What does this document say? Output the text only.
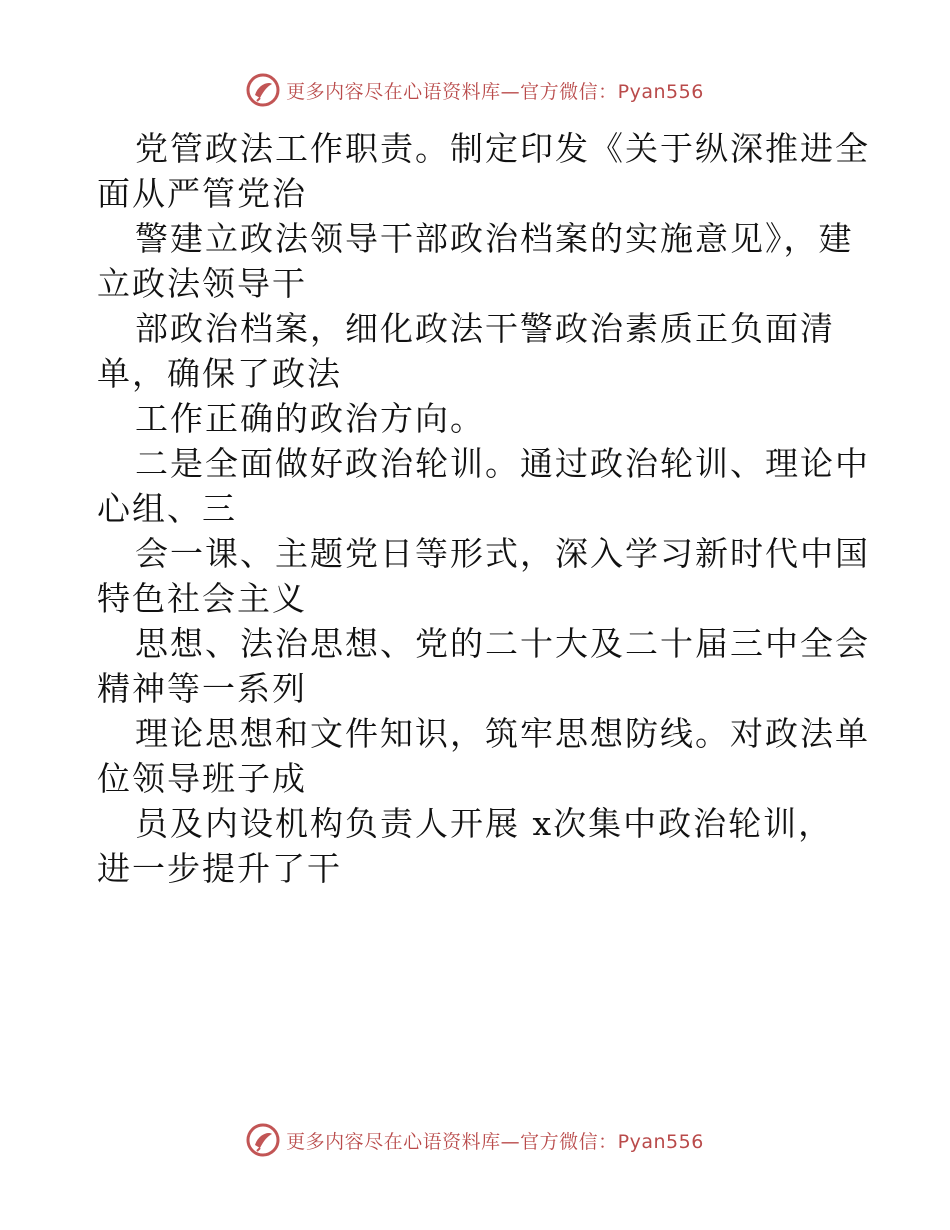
更多内容尽在心语资料库—官方微信：Pyan556
党管政法工作职责。制定印发《关于纵深推进全
面从严管党治
警建立政法领导干部政治档案的实施意见》，建
立政法领导干
部政治档案，细化政法干警政治素质正负面清
单，确保了政法
工作正确的政治方向。
二是全面做好政治轮训。通过政治轮训、理论中
心组、三
会一课、主题党日等形式，深入学习新时代中国
特色社会主义
思想、法治思想、党的二十大及二十届三中全会
精神等一系列
理论思想和文件知识，筑牢思想防线。对政法单
位领导班子成
员及内设机构负责人开展 x次集中政治轮训，
进一步提升了干
更多内容尽在心语资料库—官方微信：Pyan556
